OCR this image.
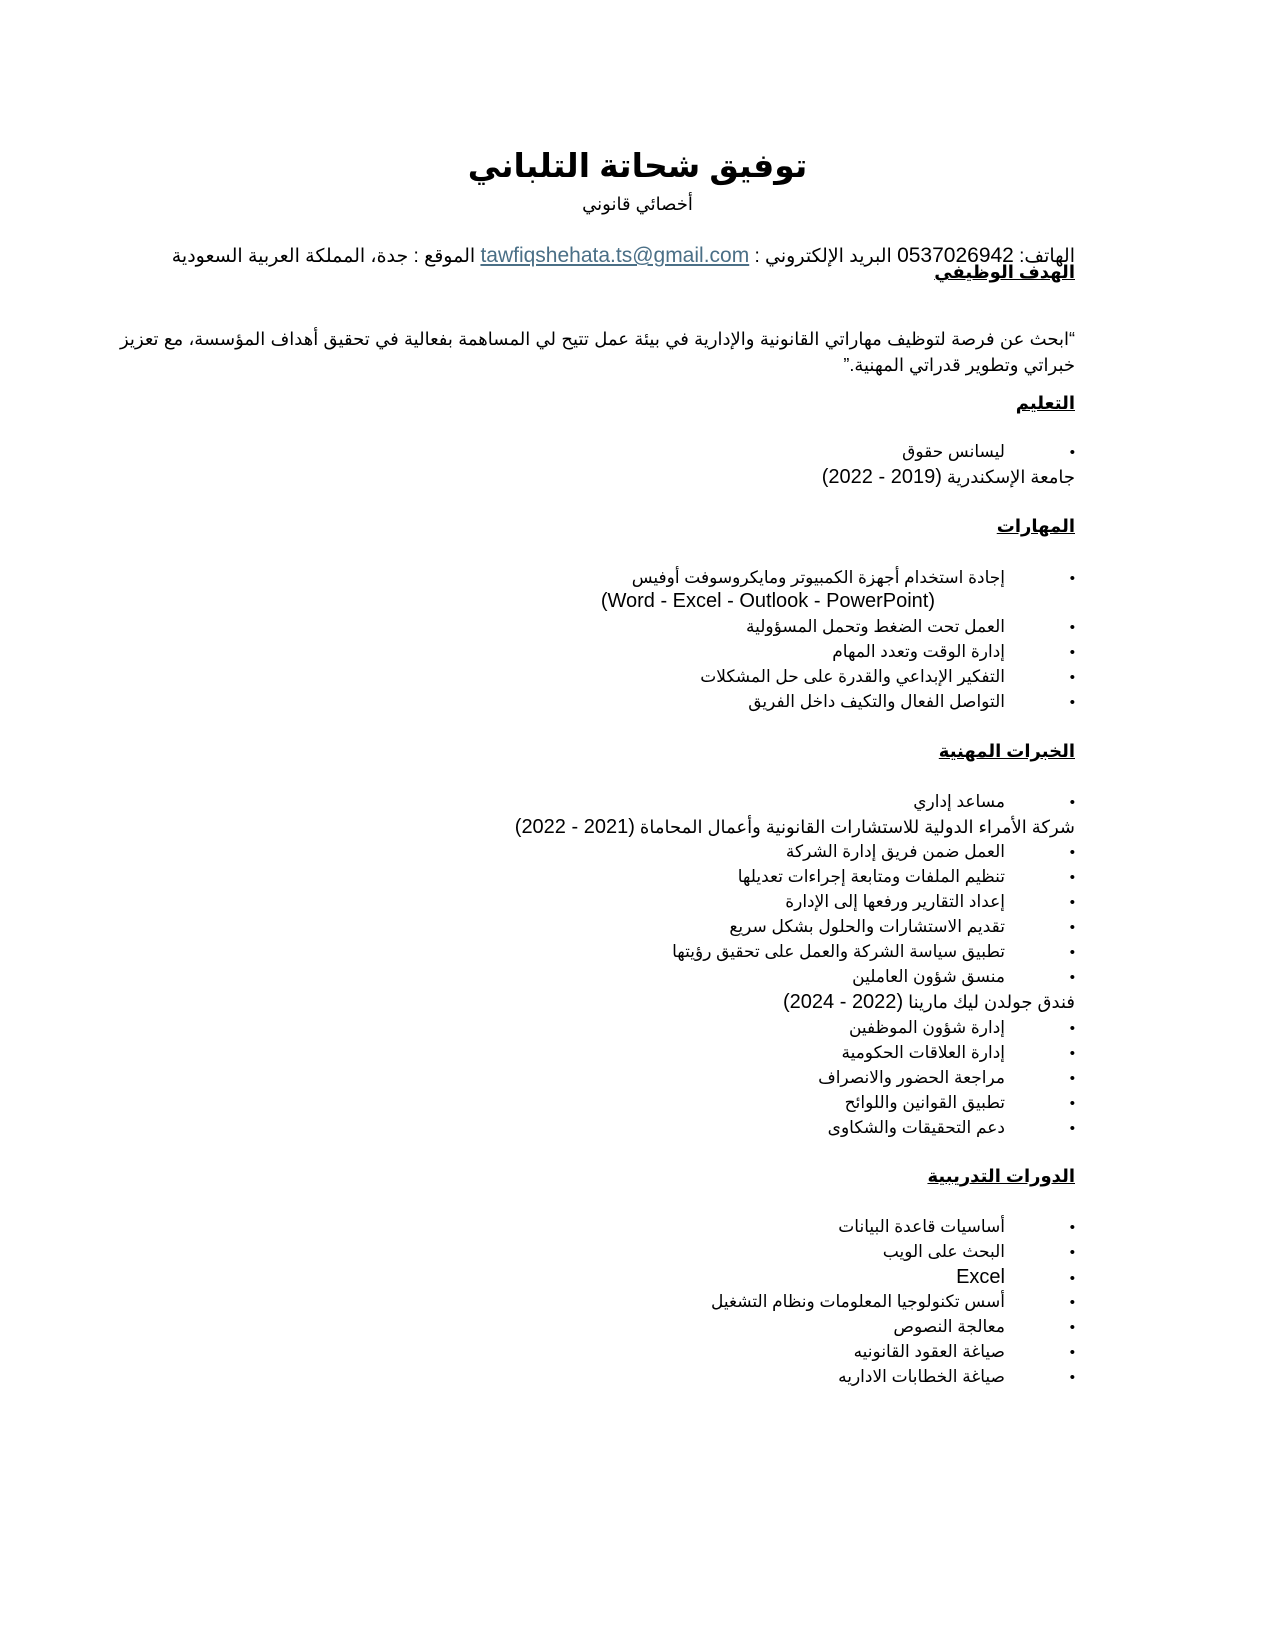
توفيق شحاتة التلباني
أخصائي قانوني
الهاتف: 0537026942 البريد الإلكتروني : tawfiqshehata.ts@gmail.com الموقع : جدة، المملكة العربية السعودية
الهدف الوظيفي
“ابحث عن فرصة لتوظيف مهاراتي القانونية والإدارية في بيئة عمل تتيح لي المساهمة بفعالية في تحقيق أهداف المؤسسة، مع تعزيز خبراتي وتطوير قدراتي المهنية.”
التعليم
•ليسانس حقوق
جامعة الإسكندرية (2019 - 2022)
المهارات
•إجادة استخدام أجهزة الكمبيوتر ومايكروسوفت أوفيس
(Word - Excel - Outlook - PowerPoint)
•العمل تحت الضغط وتحمل المسؤولية
•إدارة الوقت وتعدد المهام
•التفكير الإبداعي والقدرة على حل المشكلات
•التواصل الفعال والتكيف داخل الفريق
الخبرات المهنية
•مساعد إداري
شركة الأمراء الدولية للاستشارات القانونية وأعمال المحاماة (2021 - 2022)
•العمل ضمن فريق إدارة الشركة
•تنظيم الملفات ومتابعة إجراءات تعديلها
•إعداد التقارير ورفعها إلى الإدارة
•تقديم الاستشارات والحلول بشكل سريع
•تطبيق سياسة الشركة والعمل على تحقيق رؤيتها
•منسق شؤون العاملين
فندق جولدن ليك مارينا (2022 - 2024)
•إدارة شؤون الموظفين
•إدارة العلاقات الحكومية
•مراجعة الحضور والانصراف
•تطبيق القوانين واللوائح
•دعم التحقيقات والشكاوى
الدورات التدريبية
•أساسيات قاعدة البيانات
•البحث على الويب
•Excel
•أسس تكنولوجيا المعلومات ونظام التشغيل
•معالجة النصوص
•صياغة العقود القانونيه
•صياغة الخطابات الاداريه
